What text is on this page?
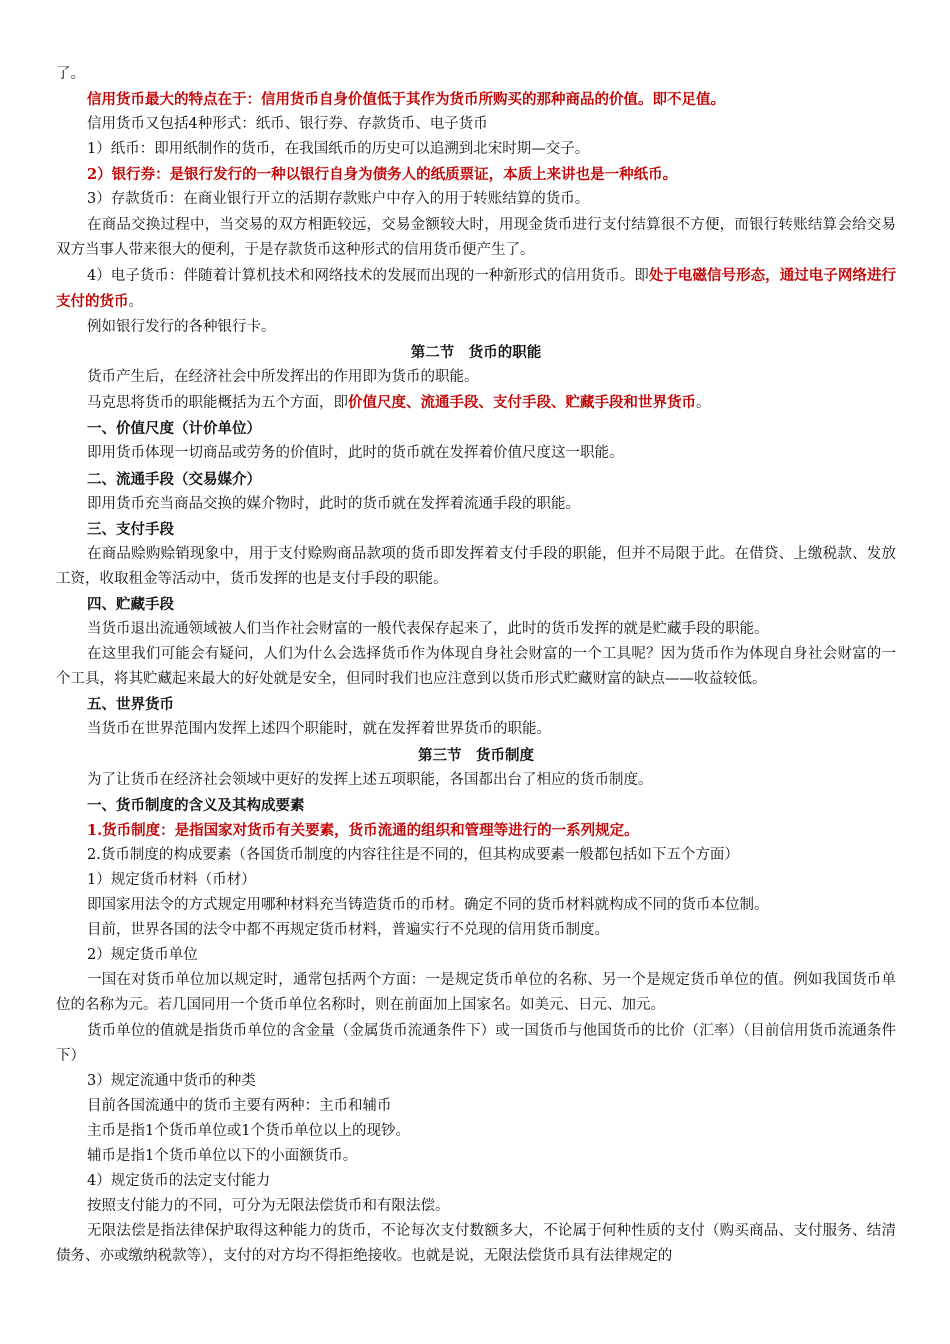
了。

信用货币最大的特点在于：信用货币自身价值低于其作为货币所购买的那种商品的价值。即不足值。

信用货币又包括4种形式：纸币、银行券、存款货币、电子货币

1）纸币：即用纸制作的货币，在我国纸币的历史可以追溯到北宋时期—交子。

2）银行券：是银行发行的一种以银行自身为债务人的纸质票证，本质上来讲也是一种纸币。

3）存款货币：在商业银行开立的活期存款账户中存入的用于转账结算的货币。

在商品交换过程中，当交易的双方相距较远，交易金额较大时，用现金货币进行支付结算很不方便，而银行转账结算会给交易双方当事人带来很大的便利，于是存款货币这种形式的信用货币便产生了。

4）电子货币：伴随着计算机技术和网络技术的发展而出现的一种新形式的信用货币。即处于电磁信号形态，通过电子网络进行支付的货币。

例如银行发行的各种银行卡。

第二节　货币的职能

货币产生后，在经济社会中所发挥出的作用即为货币的职能。

马克思将货币的职能概括为五个方面，即价值尺度、流通手段、支付手段、贮藏手段和世界货币。

一、价值尺度（计价单位）

即用货币体现一切商品或劳务的价值时，此时的货币就在发挥着价值尺度这一职能。

二、流通手段（交易媒介）

即用货币充当商品交换的媒介物时，此时的货币就在发挥着流通手段的职能。

三、支付手段

在商品赊购赊销现象中，用于支付赊购商品款项的货币即发挥着支付手段的职能，但并不局限于此。在借贷、上缴税款、发放工资，收取租金等活动中，货币发挥的也是支付手段的职能。

四、贮藏手段

当货币退出流通领域被人们当作社会财富的一般代表保存起来了，此时的货币发挥的就是贮藏手段的职能。

在这里我们可能会有疑问，人们为什么会选择货币作为体现自身社会财富的一个工具呢？因为货币作为体现自身社会财富的一个工具，将其贮藏起来最大的好处就是安全，但同时我们也应注意到以货币形式贮藏财富的缺点——收益较低。

五、世界货币

当货币在世界范围内发挥上述四个职能时，就在发挥着世界货币的职能。

第三节　货币制度

为了让货币在经济社会领域中更好的发挥上述五项职能，各国都出台了相应的货币制度。

一、货币制度的含义及其构成要素

1.货币制度：是指国家对货币有关要素，货币流通的组织和管理等进行的一系列规定。

2.货币制度的构成要素（各国货币制度的内容往往是不同的，但其构成要素一般都包括如下五个方面）

1）规定货币材料（币材）

即国家用法令的方式规定用哪种材料充当铸造货币的币材。确定不同的货币材料就构成不同的货币本位制。

目前，世界各国的法令中都不再规定货币材料，普遍实行不兑现的信用货币制度。

2）规定货币单位

一国在对货币单位加以规定时，通常包括两个方面：一是规定货币单位的名称、另一个是规定货币单位的值。例如我国货币单位的名称为元。若几国同用一个货币单位名称时，则在前面加上国家名。如美元、日元、加元。

货币单位的值就是指货币单位的含金量（金属货币流通条件下）或一国货币与他国货币的比价（汇率）（目前信用货币流通条件下）

3）规定流通中货币的种类

目前各国流通中的货币主要有两种：主币和辅币

主币是指1个货币单位或1个货币单位以上的现钞。

辅币是指1个货币单位以下的小面额货币。

4）规定货币的法定支付能力

按照支付能力的不同，可分为无限法偿货币和有限法偿。

无限法偿是指法律保护取得这种能力的货币，不论每次支付数额多大，不论属于何种性质的支付（购买商品、支付服务、结清债务、亦或缴纳税款等），支付的对方均不得拒绝接收。也就是说，无限法偿货币具有法律规定的
